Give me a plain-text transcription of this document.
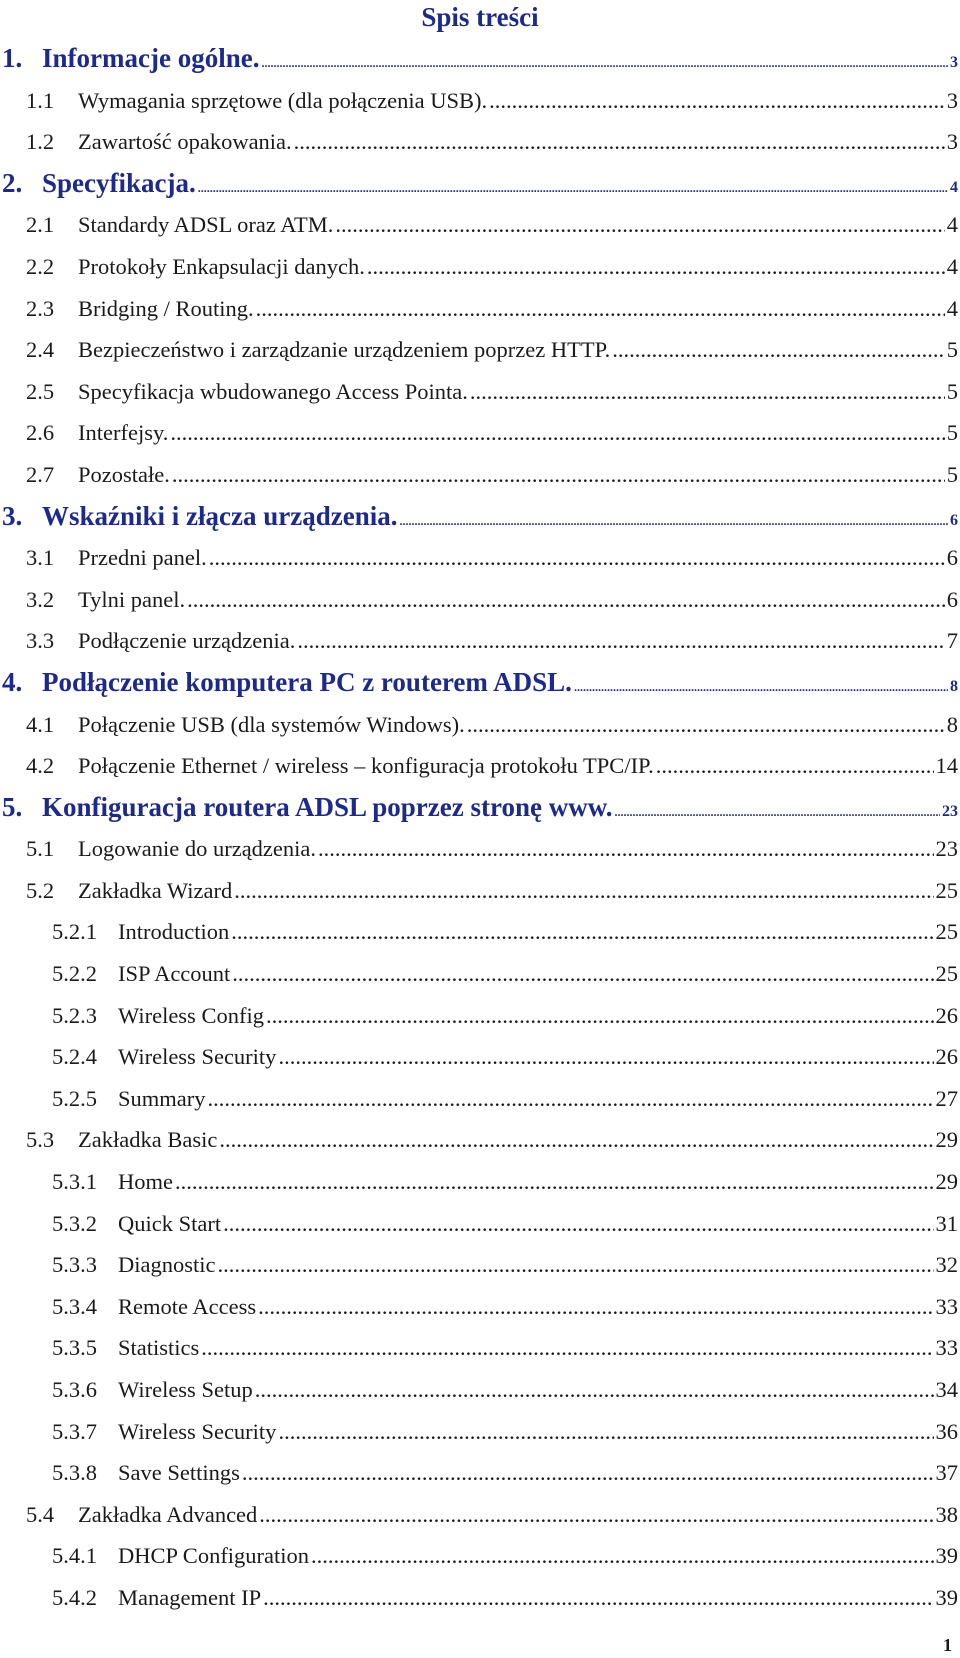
Spis treści
1. Informacje ogólne. .....	3
1.1	Wymagania sprzętowe (dla połączenia USB). .....	3
1.2	Zawartość opakowania. .....	3
2. Specyfikacja. .....	4
2.1	Standardy ADSL oraz ATM. .....	4
2.2	Protokoły Enkapsulacji danych. .....	4
2.3	Bridging / Routing. .....	4
2.4	Bezpieczeństwo i zarządzanie urządzeniem poprzez HTTP. .....	5
2.5	Specyfikacja wbudowanego Access Pointa. .....	5
2.6	Interfejsy. .....	5
2.7	Pozostałe. .....	5
3. Wskaźniki i złącza urządzenia. .....	6
3.1	Przedni panel. .....	6
3.2	Tylni panel. .....	6
3.3	Podłączenie urządzenia. .....	7
4. Podłączenie komputera PC z routerem ADSL. .....	8
4.1	Połączenie USB (dla systemów Windows). .....	8
4.2	Połączenie Ethernet / wireless – konfiguracja protokołu TPC/IP. .....	14
5. Konfiguracja routera ADSL poprzez stronę www. .....	23
5.1	Logowanie do urządzenia. .....	23
5.2	Zakładka Wizard .....	25
5.2.1 Introduction .....	25
5.2.2 ISP Account .....	25
5.2.3 Wireless Config .....	26
5.2.4 Wireless Security .....	26
5.2.5 Summary .....	27
5.3	Zakładka Basic .....	29
5.3.1 Home .....	29
5.3.2 Quick Start .....	31
5.3.3 Diagnostic .....	32
5.3.4 Remote Access .....	33
5.3.5 Statistics .....	33
5.3.6 Wireless Setup .....	34
5.3.7 Wireless Security .....	36
5.3.8 Save Settings .....	37
5.4	Zakładka Advanced .....	38
5.4.1 DHCP Configuration .....	39
5.4.2 Management IP .....	39
1
